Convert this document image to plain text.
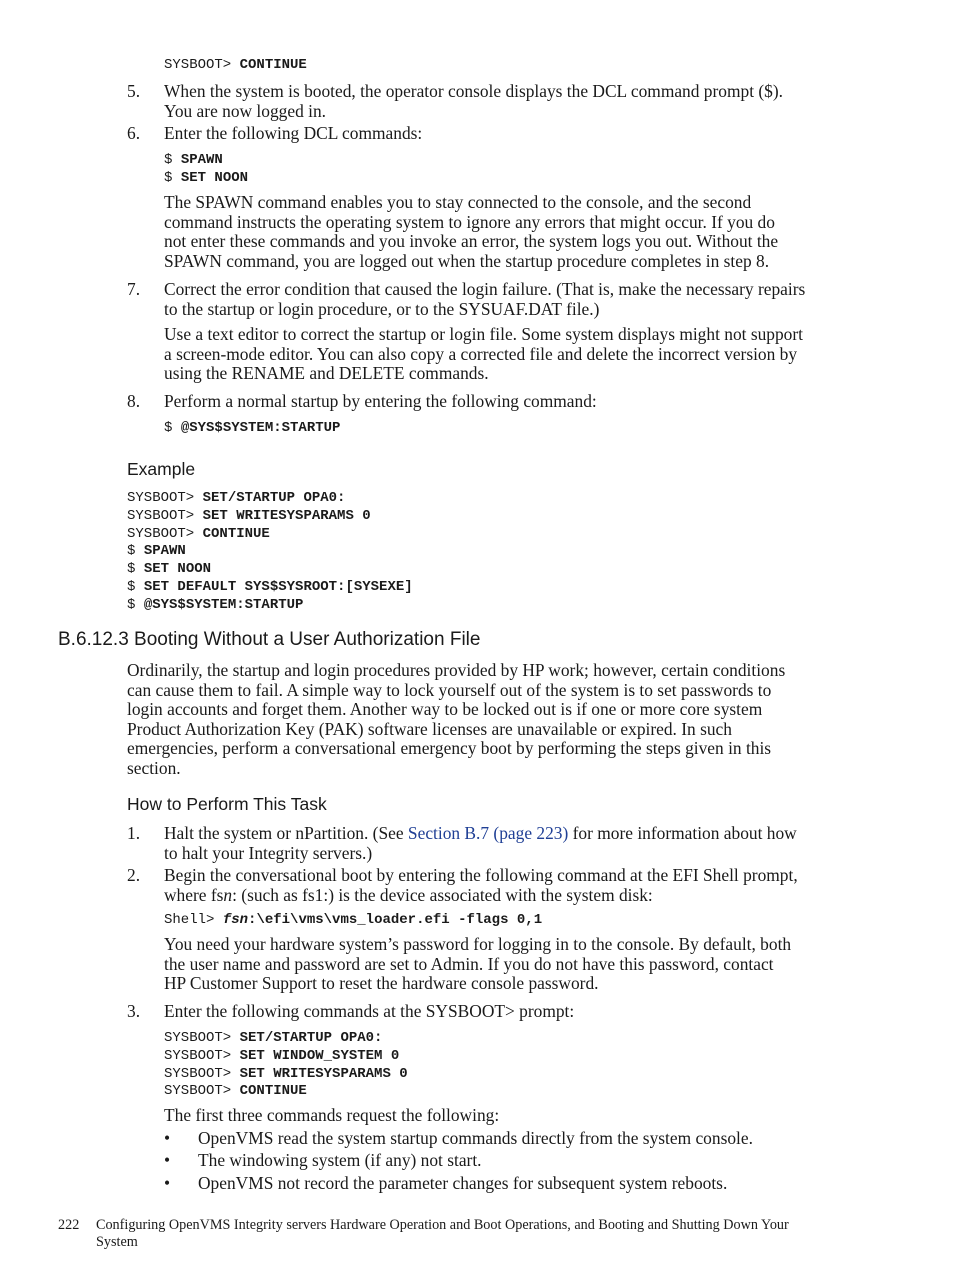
SYSBOOT> CONTINUE
5. When the system is booted, the operator console displays the DCL command prompt ($).
You are now logged in.
6. Enter the following DCL commands:
$ SPAWN
$ SET NOON
The SPAWN command enables you to stay connected to the console, and the second
command instructs the operating system to ignore any errors that might occur. If you do
not enter these commands and you invoke an error, the system logs you out. Without the
SPAWN command, you are logged out when the startup procedure completes in step 8.
7. Correct the error condition that caused the login failure. (That is, make the necessary repairs
to the startup or login procedure, or to the SYSUAF.DAT file.)
Use a text editor to correct the startup or login file. Some system displays might not support
a screen-mode editor. You can also copy a corrected file and delete the incorrect version by
using the RENAME and DELETE commands.
8. Perform a normal startup by entering the following command:
$ @SYS$SYSTEM:STARTUP
Example
SYSBOOT> SET/STARTUP OPA0:
SYSBOOT> SET WRITESYSPARAMS 0
SYSBOOT> CONTINUE
$ SPAWN
$ SET NOON
$ SET DEFAULT SYS$SYSROOT:[SYSEXE]
$ @SYS$SYSTEM:STARTUP
B.6.12.3 Booting Without a User Authorization File
Ordinarily, the startup and login procedures provided by HP work; however, certain conditions
can cause them to fail. A simple way to lock yourself out of the system is to set passwords to
login accounts and forget them. Another way to be locked out is if one or more core system
Product Authorization Key (PAK) software licenses are unavailable or expired. In such
emergencies, perform a conversational emergency boot by performing the steps given in this
section.
How to Perform This Task
1. Halt the system or nPartition. (See Section B.7 (page 223) for more information about how
to halt your Integrity servers.)
2. Begin the conversational boot by entering the following command at the EFI Shell prompt,
where fsn: (such as fs1:) is the device associated with the system disk:
Shell> fsn:\efi\vms\vms_loader.efi -flags 0,1
You need your hardware system’s password for logging in to the console. By default, both
the user name and password are set to Admin. If you do not have this password, contact
HP Customer Support to reset the hardware console password.
3. Enter the following commands at the SYSBOOT> prompt:
SYSBOOT> SET/STARTUP OPA0:
SYSBOOT> SET WINDOW_SYSTEM 0
SYSBOOT> SET WRITESYSPARAMS 0
SYSBOOT> CONTINUE
The first three commands request the following:
• OpenVMS read the system startup commands directly from the system console.
• The windowing system (if any) not start.
• OpenVMS not record the parameter changes for subsequent system reboots.
222 Configuring OpenVMS Integrity servers Hardware Operation and Boot Operations, and Booting and Shutting Down Your
System
